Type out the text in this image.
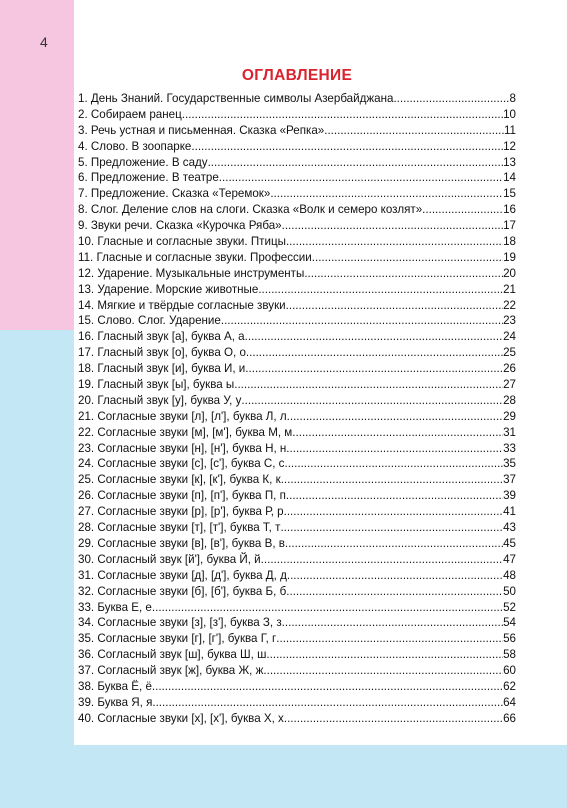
4
ОГЛАВЛЕНИЕ
1. День Знаний. Государственные символы Азербайджана .....	8
2. Собираем ранец .....	10
3. Речь устная и письменная. Сказка «Репка» .....	11
4. Слово. В зоопарке .....	12
5. Предложение. В саду .....	13
6. Предложение. В театре .....	14
7. Предложение. Сказка «Теремок» .....	15
8. Слог. Деление слов на слоги. Сказка «Волк и семеро козлят» .....	16
9. Звуки речи. Сказка «Курочка Ряба» .....	17
10. Гласные и согласные звуки. Птицы .....	18
11. Гласные и согласные звуки. Профессии .....	19
12. Ударение. Музыкальные инструменты .....	20
13. Ударение. Морские животные .....	21
14. Мягкие и твёрдые согласные звуки .....	22
15. Слово. Слог. Ударение .....	23
16. Гласный звук [а], буква А, а .....	24
17. Гласный звук [о], буква О, о .....	25
18. Гласный звук [и], буква И, и .....	26
19. Гласный звук [ы], буква ы .....	27
20. Гласный звук [у], буква У, у .....	28
21. Согласные звуки [л], [л'], буква Л, л .....	29
22. Согласные звуки [м], [м'], буква М, м .....	31
23. Согласные звуки [н], [н'], буква Н, н .....	33
24. Согласные звуки [с], [с'], буква С, с .....	35
25. Согласные звуки [к], [к'], буква К, к .....	37
26. Согласные звуки [п], [п'], буква П, п .....	39
27. Согласные звуки [р], [р'], буква Р, р .....	41
28. Согласные звуки [т], [т'], буква Т, т .....	43
29. Согласные звуки [в], [в'], буква В, в .....	45
30. Согласный звук [й'], буква Й, й .....	47
31. Согласные звуки [д], [д'], буква Д, д .....	48
32. Согласные звуки [б], [б'], буква Б, б .....	50
33. Буква Е, е .....	52
34. Согласные звуки [з], [з'], буква З, з .....	54
35. Согласные звуки [г], [г'], буква Г, г .....	56
36. Согласный звук [ш], буква Ш, ш .....	58
37. Согласный звук [ж], буква Ж, ж .....	60
38. Буква Ё, ё .....	62
39. Буква Я, я .....	64
40. Согласные звуки [х], [х'], буква Х, х .....	66
